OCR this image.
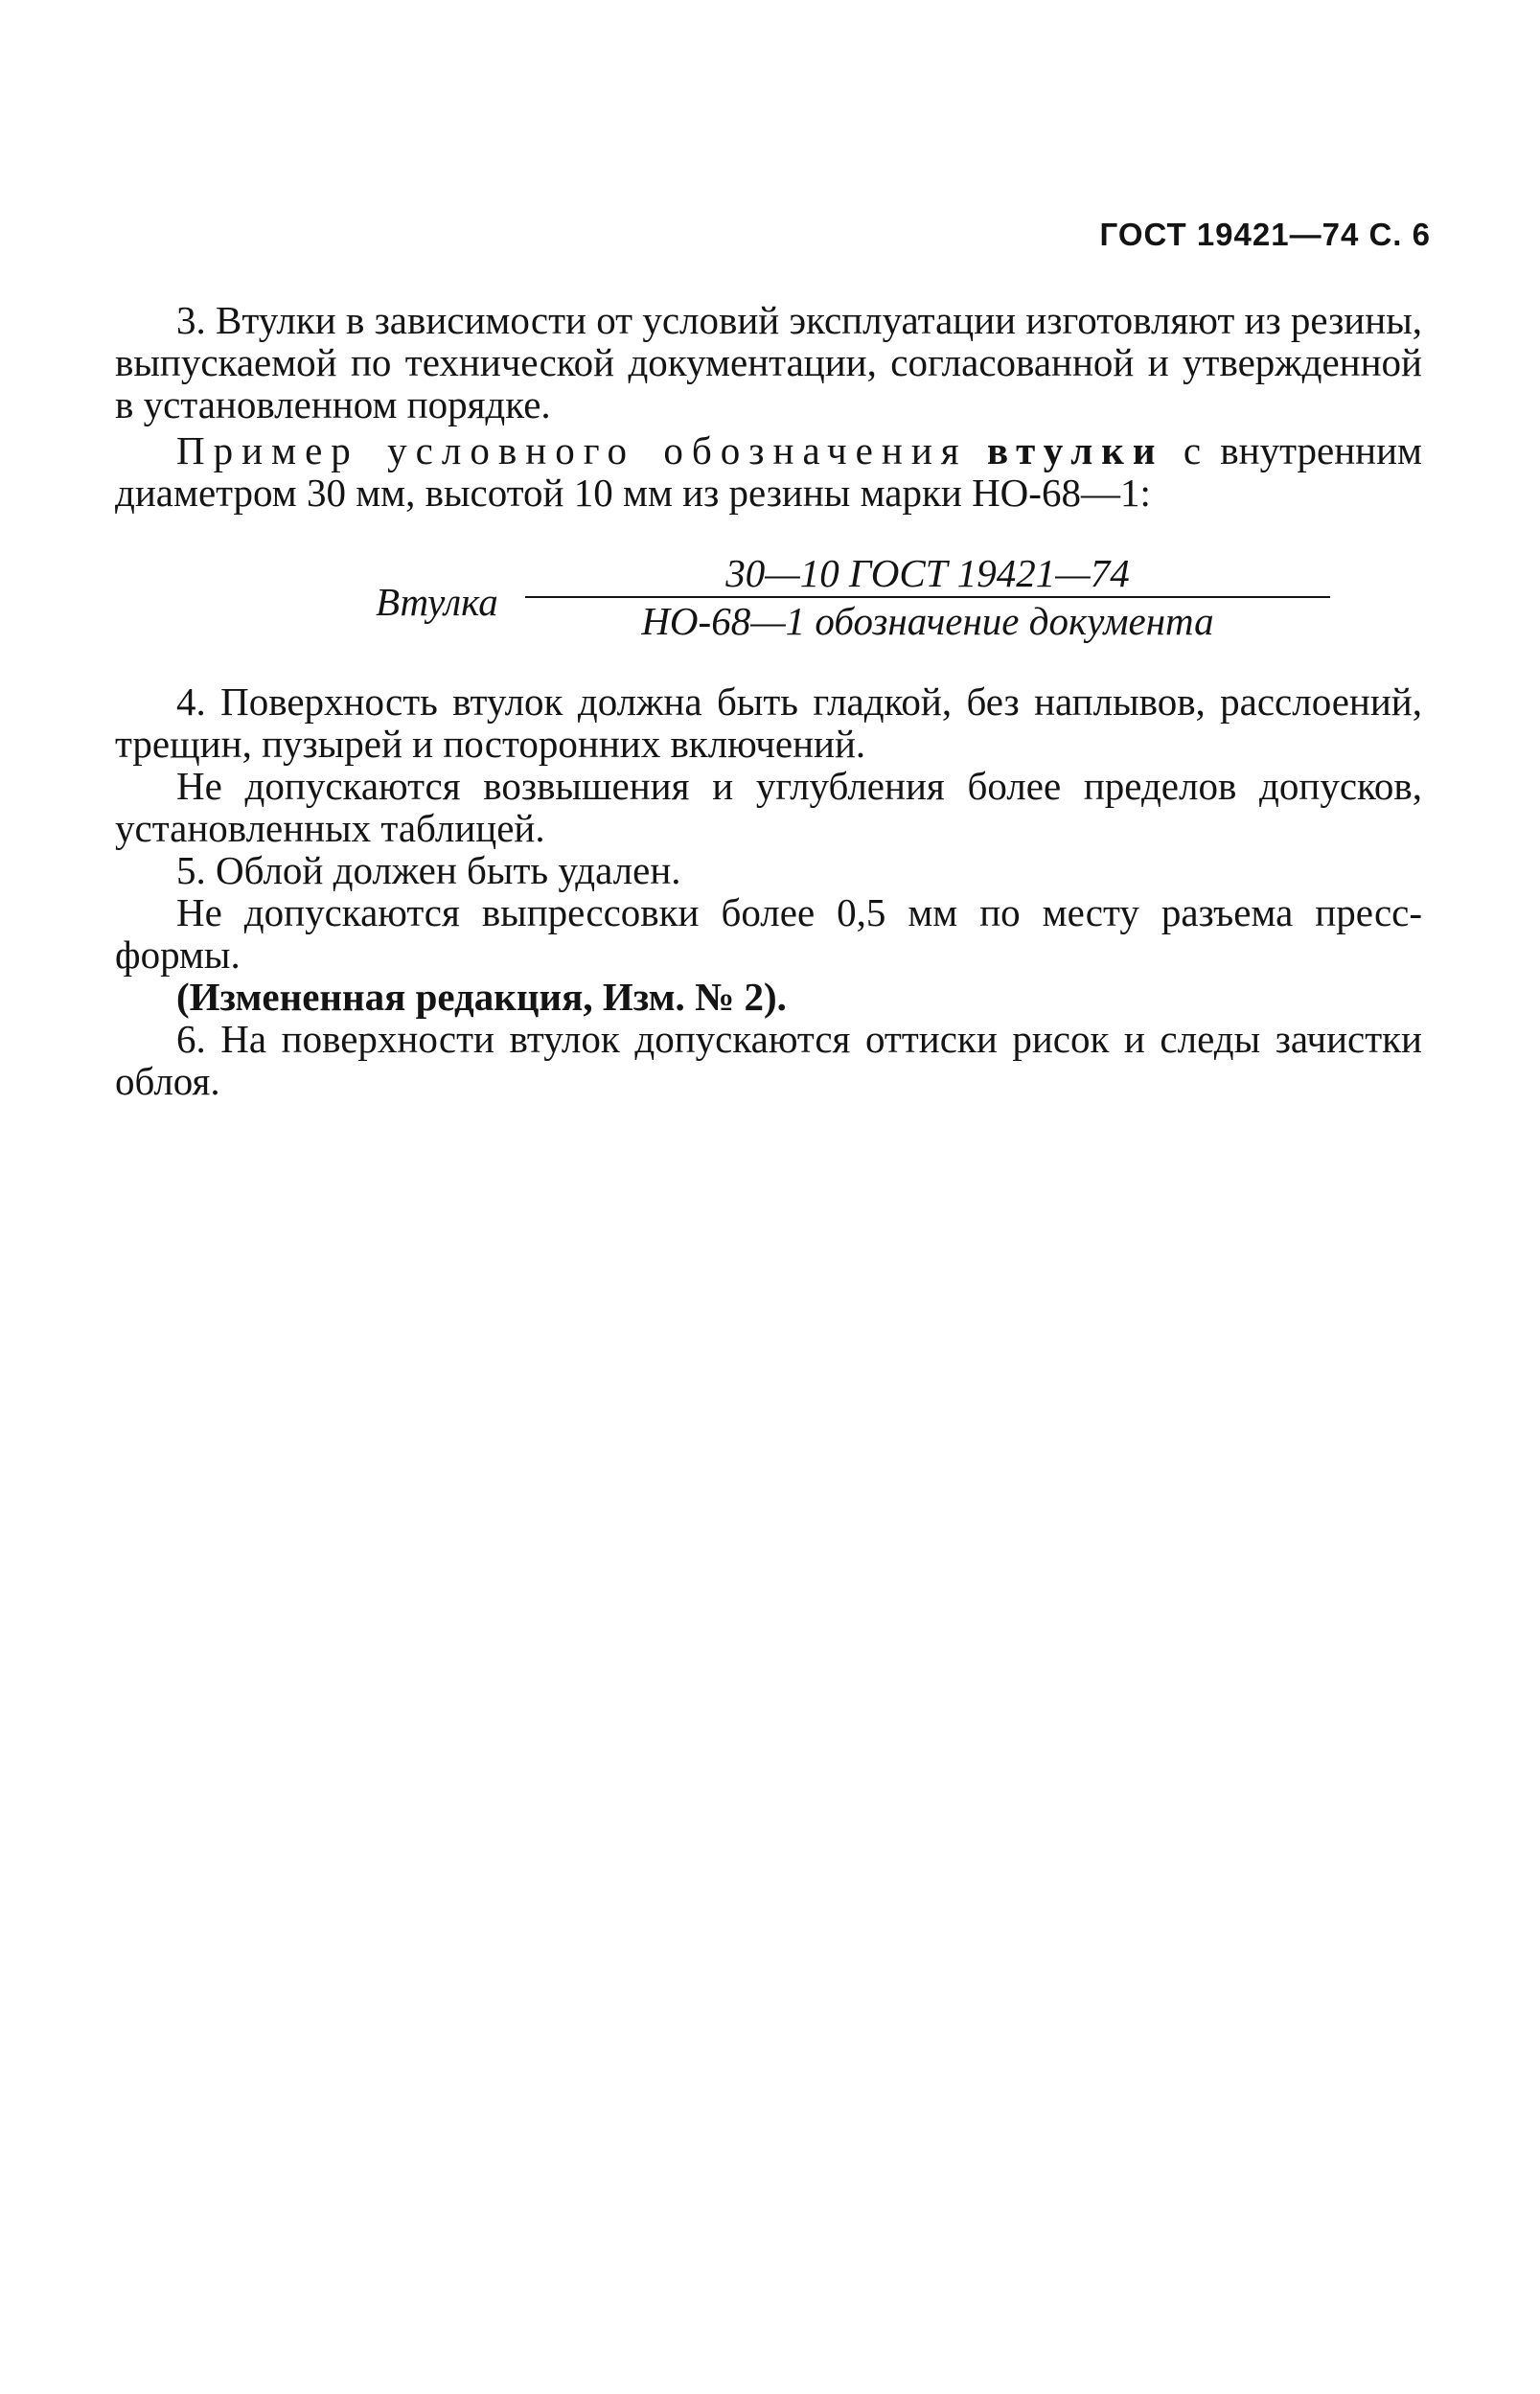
ГОСТ 19421—74 С. 6

3. Втулки в зависимости от условий эксплуатации изготовляют из резины, выпускаемой по технической документации, согласованной и утвержденной в установленном порядке.

Пример условного обозначения втулки с внутренним диаметром 30 мм, высотой 10 мм из резины марки НО-68—1:

Втулка
30—10 ГОСТ 19421—74
НО-68—1 обозначение документа

4. Поверхность втулок должна быть гладкой, без наплывов, расслоений, трещин, пузырей и посторонних включений.

Не допускаются возвышения и углубления более пределов допусков, установленных таблицей.

5. Облой должен быть удален.

Не допускаются выпрессовки более 0,5 мм по месту разъема пресс-формы.

(Измененная редакция, Изм. № 2).

6. На поверхности втулок допускаются оттиски рисок и следы зачистки облоя.
